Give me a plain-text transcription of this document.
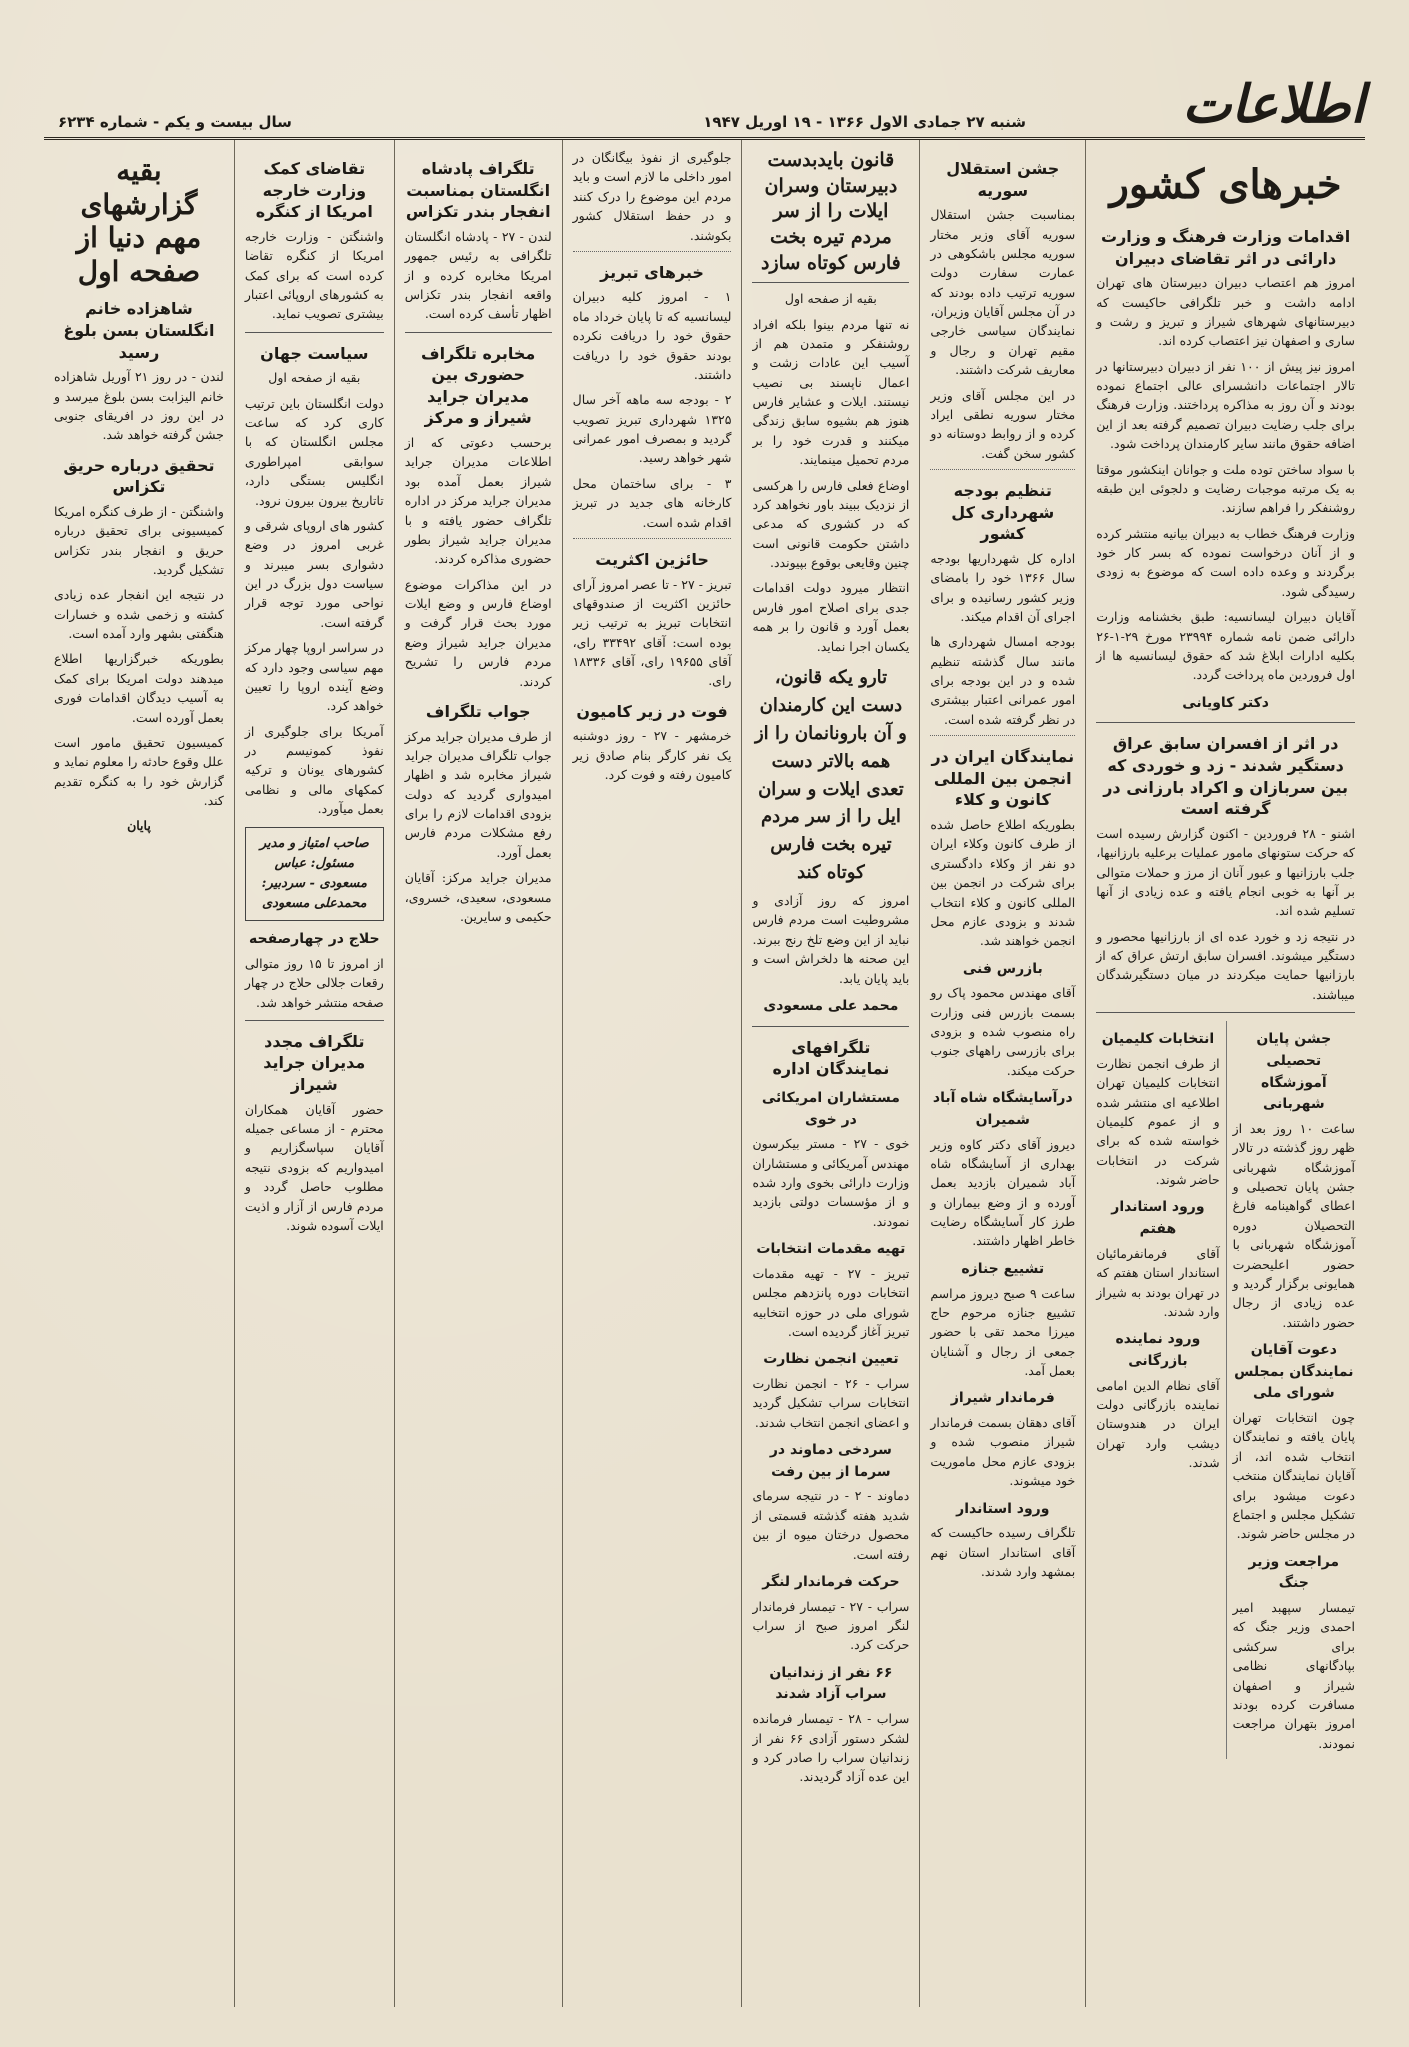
اطلاعات
شنبه ۲۷ جمادی الاول ۱۳۶۶ - ۱۹ اوریل ۱۹۴۷
سال بیست و یکم - شماره ۶۲۳۴
خبرهای کشور
اقدامات وزارت فرهنگ و وزارت دارائی در اثر تقاضای دبیران

امروز هم اعتصاب دبیران دبیرستان های تهران ادامه داشت و خبر تلگرافی حاکیست که دبیرستانهای شهرهای شیراز و تبریز و رشت و ساری و اصفهان نیز اعتصاب کرده اند.

امروز نیز پیش از ۱۰۰ نفر از دبیران دبیرستانها در تالار اجتماعات دانشسرای عالی اجتماع نموده بودند و آن روز به مذاکره پرداختند. وزارت فرهنگ برای جلب رضایت دبیران تصمیم گرفته بعد از این اضافه حقوق مانند سایر کارمندان پرداخت شود.

با سواد ساختن توده ملت و جوانان اینکشور موقتا به یک مرتبه موجبات رضایت و دلجوئی این طبقه روشنفکر را فراهم سازند.

وزارت فرهنگ خطاب به دبیران بیانیه منتشر کرده و از آنان درخواست نموده که بسر کار خود برگردند و وعده داده است که موضوع به زودی رسیدگی شود.

آقایان دبیران لیسانسیه: طبق بخشنامه وزارت دارائی ضمن نامه شماره ۲۳۹۹۴ مورخ ۲۹-۱-۲۶ بکلیه ادارات ابلاغ شد که حقوق لیسانسیه ها از اول فروردین ماه پرداخت گردد.

دکتر کاویانی
در اثر از افسران سابق عراق دستگیر شدند - زد و خوردی که بین سربازان و اکراد بارزانی در گرفته است

اشنو - ۲۸ فروردین - اکنون گزارش رسیده است که حرکت ستونهای مامور عملیات برعلیه بارزانیها، جلب بارزانیها و عبور آنان از مرز و حملات متوالی بر آنها به خوبی انجام یافته و عده زیادی از آنها تسلیم شده اند.

در نتیجه زد و خورد عده ای از بارزانیها محصور و دستگیر میشوند. افسران سابق ارتش عراق که از بارزانیها حمایت میکردند در میان دستگیرشدگان میباشند.

جشن پایان تحصیلی آموزشگاه شهربانی

ساعت ۱۰ روز بعد از ظهر روز گذشته در تالار آموزشگاه شهربانی جشن پایان تحصیلی و اعطای گواهینامه فارغ التحصیلان دوره آموزشگاه شهربانی با حضور اعلیحضرت همایونی برگزار گردید و عده زیادی از رجال حضور داشتند.

دعوت آقایان نمایندگان بمجلس شورای ملی

چون انتخابات تهران پایان یافته و نمایندگان انتخاب شده اند، از آقایان نمایندگان منتخب دعوت میشود برای تشکیل مجلس و اجتماع در مجلس حاضر شوند.

مراجعت وزیر جنگ

تیمسار سپهبد امیر احمدی وزیر جنگ که برای سرکشی بپادگانهای نظامی شیراز و اصفهان مسافرت کرده بودند امروز بتهران مراجعت نمودند.

انتخابات کلیمیان

از طرف انجمن نظارت انتخابات کلیمیان تهران اطلاعیه ای منتشر شده و از عموم کلیمیان خواسته شده که برای شرکت در انتخابات حاضر شوند.

ورود استاندار هفتم

آقای فرمانفرمائیان استاندار استان هفتم که در تهران بودند به شیراز وارد شدند.

ورود نماینده بازرگانی

آقای نظام الدین امامی نماینده بازرگانی دولت ایران در هندوستان دیشب وارد تهران شدند.

جشن استقلال سوریه

بمناسبت جشن استقلال سوریه آقای وزیر مختار سوریه مجلس باشکوهی در عمارت سفارت دولت سوریه ترتیب داده بودند که در آن مجلس آقایان وزیران، نمایندگان سیاسی خارجی مقیم تهران و رجال و معاریف شرکت داشتند.

در این مجلس آقای وزیر مختار سوریه نطقی ایراد کرده و از روابط دوستانه دو کشور سخن گفت.

تنظیم بودجه شهرداری کل کشور

اداره کل شهرداریها بودجه سال ۱۳۶۶ خود را بامضای وزیر کشور رسانیده و برای اجرای آن اقدام میکند.

بودجه امسال شهرداری ها مانند سال گذشته تنظیم شده و در این بودجه برای امور عمرانی اعتبار بیشتری در نظر گرفته شده است.

نمایندگان ایران در انجمن بین المللی کانون و کلاء

بطوریکه اطلاع حاصل شده از طرف کانون وکلاء ایران دو نفر از وکلاء دادگستری برای شرکت در انجمن بین المللی کانون و کلاء انتخاب شدند و بزودی عازم محل انجمن خواهند شد.

بازرس فنی

آقای مهندس محمود پاک رو بسمت بازرس فنی وزارت راه منصوب شده و بزودی برای بازرسی راههای جنوب حرکت میکند.

درآسایشگاه شاه آباد شمیران

دیروز آقای دکتر کاوه وزیر بهداری از آسایشگاه شاه آباد شمیران بازدید بعمل آورده و از وضع بیماران و طرز کار آسایشگاه رضایت خاطر اظهار داشتند.

تشییع جنازه

ساعت ۹ صبح دیروز مراسم تشییع جنازه مرحوم حاج میرزا محمد تقی با حضور جمعی از رجال و آشنایان بعمل آمد.

فرماندار شیراز

آقای دهقان بسمت فرماندار شیراز منصوب شده و بزودی عازم محل ماموریت خود میشوند.

ورود استاندار

تلگراف رسیده حاکیست که آقای استاندار استان نهم بمشهد وارد شدند.

قانون بایدبدست دبیرستان وسران ایلات را از سر مردم تیره بخت فارس کوتاه سازد

بقیه از صفحه اول

نه تنها مردم بینوا بلکه افراد روشنفکر و متمدن هم از آسیب این عادات زشت و اعمال ناپسند بی نصیب نیستند. ایلات و عشایر فارس هنوز هم بشیوه سابق زندگی میکنند و قدرت خود را بر مردم تحمیل مینمایند.

اوضاع فعلی فارس را هرکسی از نزدیک ببیند باور نخواهد کرد که در کشوری که مدعی داشتن حکومت قانونی است چنین وقایعی بوقوع بپیوندد.

انتظار میرود دولت اقدامات جدی برای اصلاح امور فارس بعمل آورد و قانون را بر همه یکسان اجرا نماید.

تارو یکه قانون، دست این کارمندان و آن بارونانمان را از همه بالاتر دست تعدی ایلات و سران ایل را از سر مردم تیره بخت فارس کوتاه کند

امروز که روز آزادی و مشروطیت است مردم فارس نباید از این وضع تلخ رنج ببرند. این صحنه ها دلخراش است و باید پایان یابد.

محمد علی مسعودی
تلگرافهای نمایندگان اداره
مستشاران امریکائی در خوی

خوی - ۲۷ - مستر بیکرسون مهندس آمریکائی و مستشاران وزارت دارائی بخوی وارد شده و از مؤسسات دولتی بازدید نمودند.

تهیه مقدمات انتخابات

تبریز - ۲۷ - تهیه مقدمات انتخابات دوره پانزدهم مجلس شورای ملی در حوزه انتخابیه تبریز آغاز گردیده است.

تعیین انجمن نظارت

سراب - ۲۶ - انجمن نظارت انتخابات سراب تشکیل گردید و اعضای انجمن انتخاب شدند.

سردخی دماوند در سرما از بین رفت

دماوند - ۲ - در نتیجه سرمای شدید هفته گذشته قسمتی از محصول درختان میوه از بین رفته است.

حرکت فرماندار لنگر

سراب - ۲۷ - تیمسار فرماندار لنگر امروز صبح از سراب حرکت کرد.

۶۶ نفر از زندانیان سراب آزاد شدند

سراب - ۲۸ - تیمسار فرمانده لشکر دستور آزادی ۶۶ نفر از زندانیان سراب را صادر کرد و این عده آزاد گردیدند.

جلوگیری از نفوذ بیگانگان در امور داخلی ما لازم است و باید مردم این موضوع را درک کنند و در حفظ استقلال کشور بکوشند.

خبرهای تبریز

۱ - امروز کلیه دبیران لیسانسیه که تا پایان خرداد ماه حقوق خود را دریافت نکرده بودند حقوق خود را دریافت داشتند.

۲ - بودجه سه ماهه آخر سال ۱۳۲۵ شهرداری تبریز تصویب گردید و بمصرف امور عمرانی شهر خواهد رسید.

۳ - برای ساختمان محل کارخانه های جدید در تبریز اقدام شده است.

حائزین اکثریت

تبریز - ۲۷ - تا عصر امروز آرای حائزین اکثریت از صندوقهای انتخابات تبریز به ترتیب زیر بوده است: آقای ۳۳۴۹۲ رای، آقای ۱۹۶۵۵ رای، آقای ۱۸۳۳۶ رای.

فوت در زیر کامیون

خرمشهر - ۲۷ - روز دوشنبه یک نفر کارگر بنام صادق زیر کامیون رفته و فوت کرد.

تلگراف پادشاه انگلستان بمناسبت انفجار بندر تکزاس

لندن - ۲۷ - پادشاه انگلستان تلگرافی به رئیس جمهور امریکا مخابره کرده و از واقعه انفجار بندر تکزاس اظهار تأسف کرده است.

مخابره تلگراف حضوری بین مدیران جراید شیراز و مرکز

برحسب دعوتی که از اطلاعات مدیران جراید شیراز بعمل آمده بود مدیران جراید مرکز در اداره تلگراف حضور یافته و با مدیران جراید شیراز بطور حضوری مذاکره کردند.

در این مذاکرات موضوع اوضاع فارس و وضع ایلات مورد بحث قرار گرفت و مدیران جراید شیراز وضع مردم فارس را تشریح کردند.

جواب تلگراف

از طرف مدیران جراید مرکز جواب تلگراف مدیران جراید شیراز مخابره شد و اظهار امیدواری گردید که دولت بزودی اقدامات لازم را برای رفع مشکلات مردم فارس بعمل آورد.

مدیران جراید مرکز: آقایان مسعودی، سعیدی، خسروی، حکیمی و سایرین.

تقاضای کمک وزارت خارجه امریکا از کنگره

واشنگتن - وزارت خارجه امریکا از کنگره تقاضا کرده است که برای کمک به کشورهای اروپائی اعتبار بیشتری تصویب نماید.

سیاست جهان

بقیه از صفحه اول

دولت انگلستان باین ترتیب کاری کرد که ساعت مجلس انگلستان که با سوابقی امپراطوری انگلیس بستگی دارد، تاتاریخ بیرون بیرون نرود.

کشور های اروپای شرقی و غربی امروز در وضع دشواری بسر میبرند و سیاست دول بزرگ در این نواحی مورد توجه قرار گرفته است.

در سراسر اروپا چهار مرکز مهم سیاسی وجود دارد که وضع آینده اروپا را تعیین خواهد کرد.

آمریکا برای جلوگیری از نفوذ کمونیسم در کشورهای یونان و ترکیه کمکهای مالی و نظامی بعمل میآورد.

صاحب امتیاز و مدیر مسئول: عباس مسعودی - سردبیر: محمدعلی مسعودی
حلاج در چهارصفحه

از امروز تا ۱۵ روز متوالی رقعات جلالی حلاج در چهار صفحه منتشر خواهد شد.

تلگراف مجدد مدیران جراید شیراز

حضور آقایان همکاران محترم - از مساعی جمیله آقایان سپاسگزاریم و امیدواریم که بزودی نتیجه مطلوب حاصل گردد و مردم فارس از آزار و اذیت ایلات آسوده شوند.

بقیه گزارشهای مهم دنیا از صفحه اول
شاهزاده خانم انگلستان بسن بلوغ رسید

لندن - در روز ۲۱ آوریل شاهزاده خانم الیزابت بسن بلوغ میرسد و در این روز در افریقای جنوبی جشن گرفته خواهد شد.

تحقیق درباره حریق تکزاس

واشنگتن - از طرف کنگره امریکا کمیسیونی برای تحقیق درباره حریق و انفجار بندر تکزاس تشکیل گردید.

در نتیجه این انفجار عده زیادی کشته و زخمی شده و خسارات هنگفتی بشهر وارد آمده است.

بطوریکه خبرگزاریها اطلاع میدهند دولت امریکا برای کمک به آسیب دیدگان اقدامات فوری بعمل آورده است.

کمیسیون تحقیق مامور است علل وقوع حادثه را معلوم نماید و گزارش خود را به کنگره تقدیم کند.

پایان
